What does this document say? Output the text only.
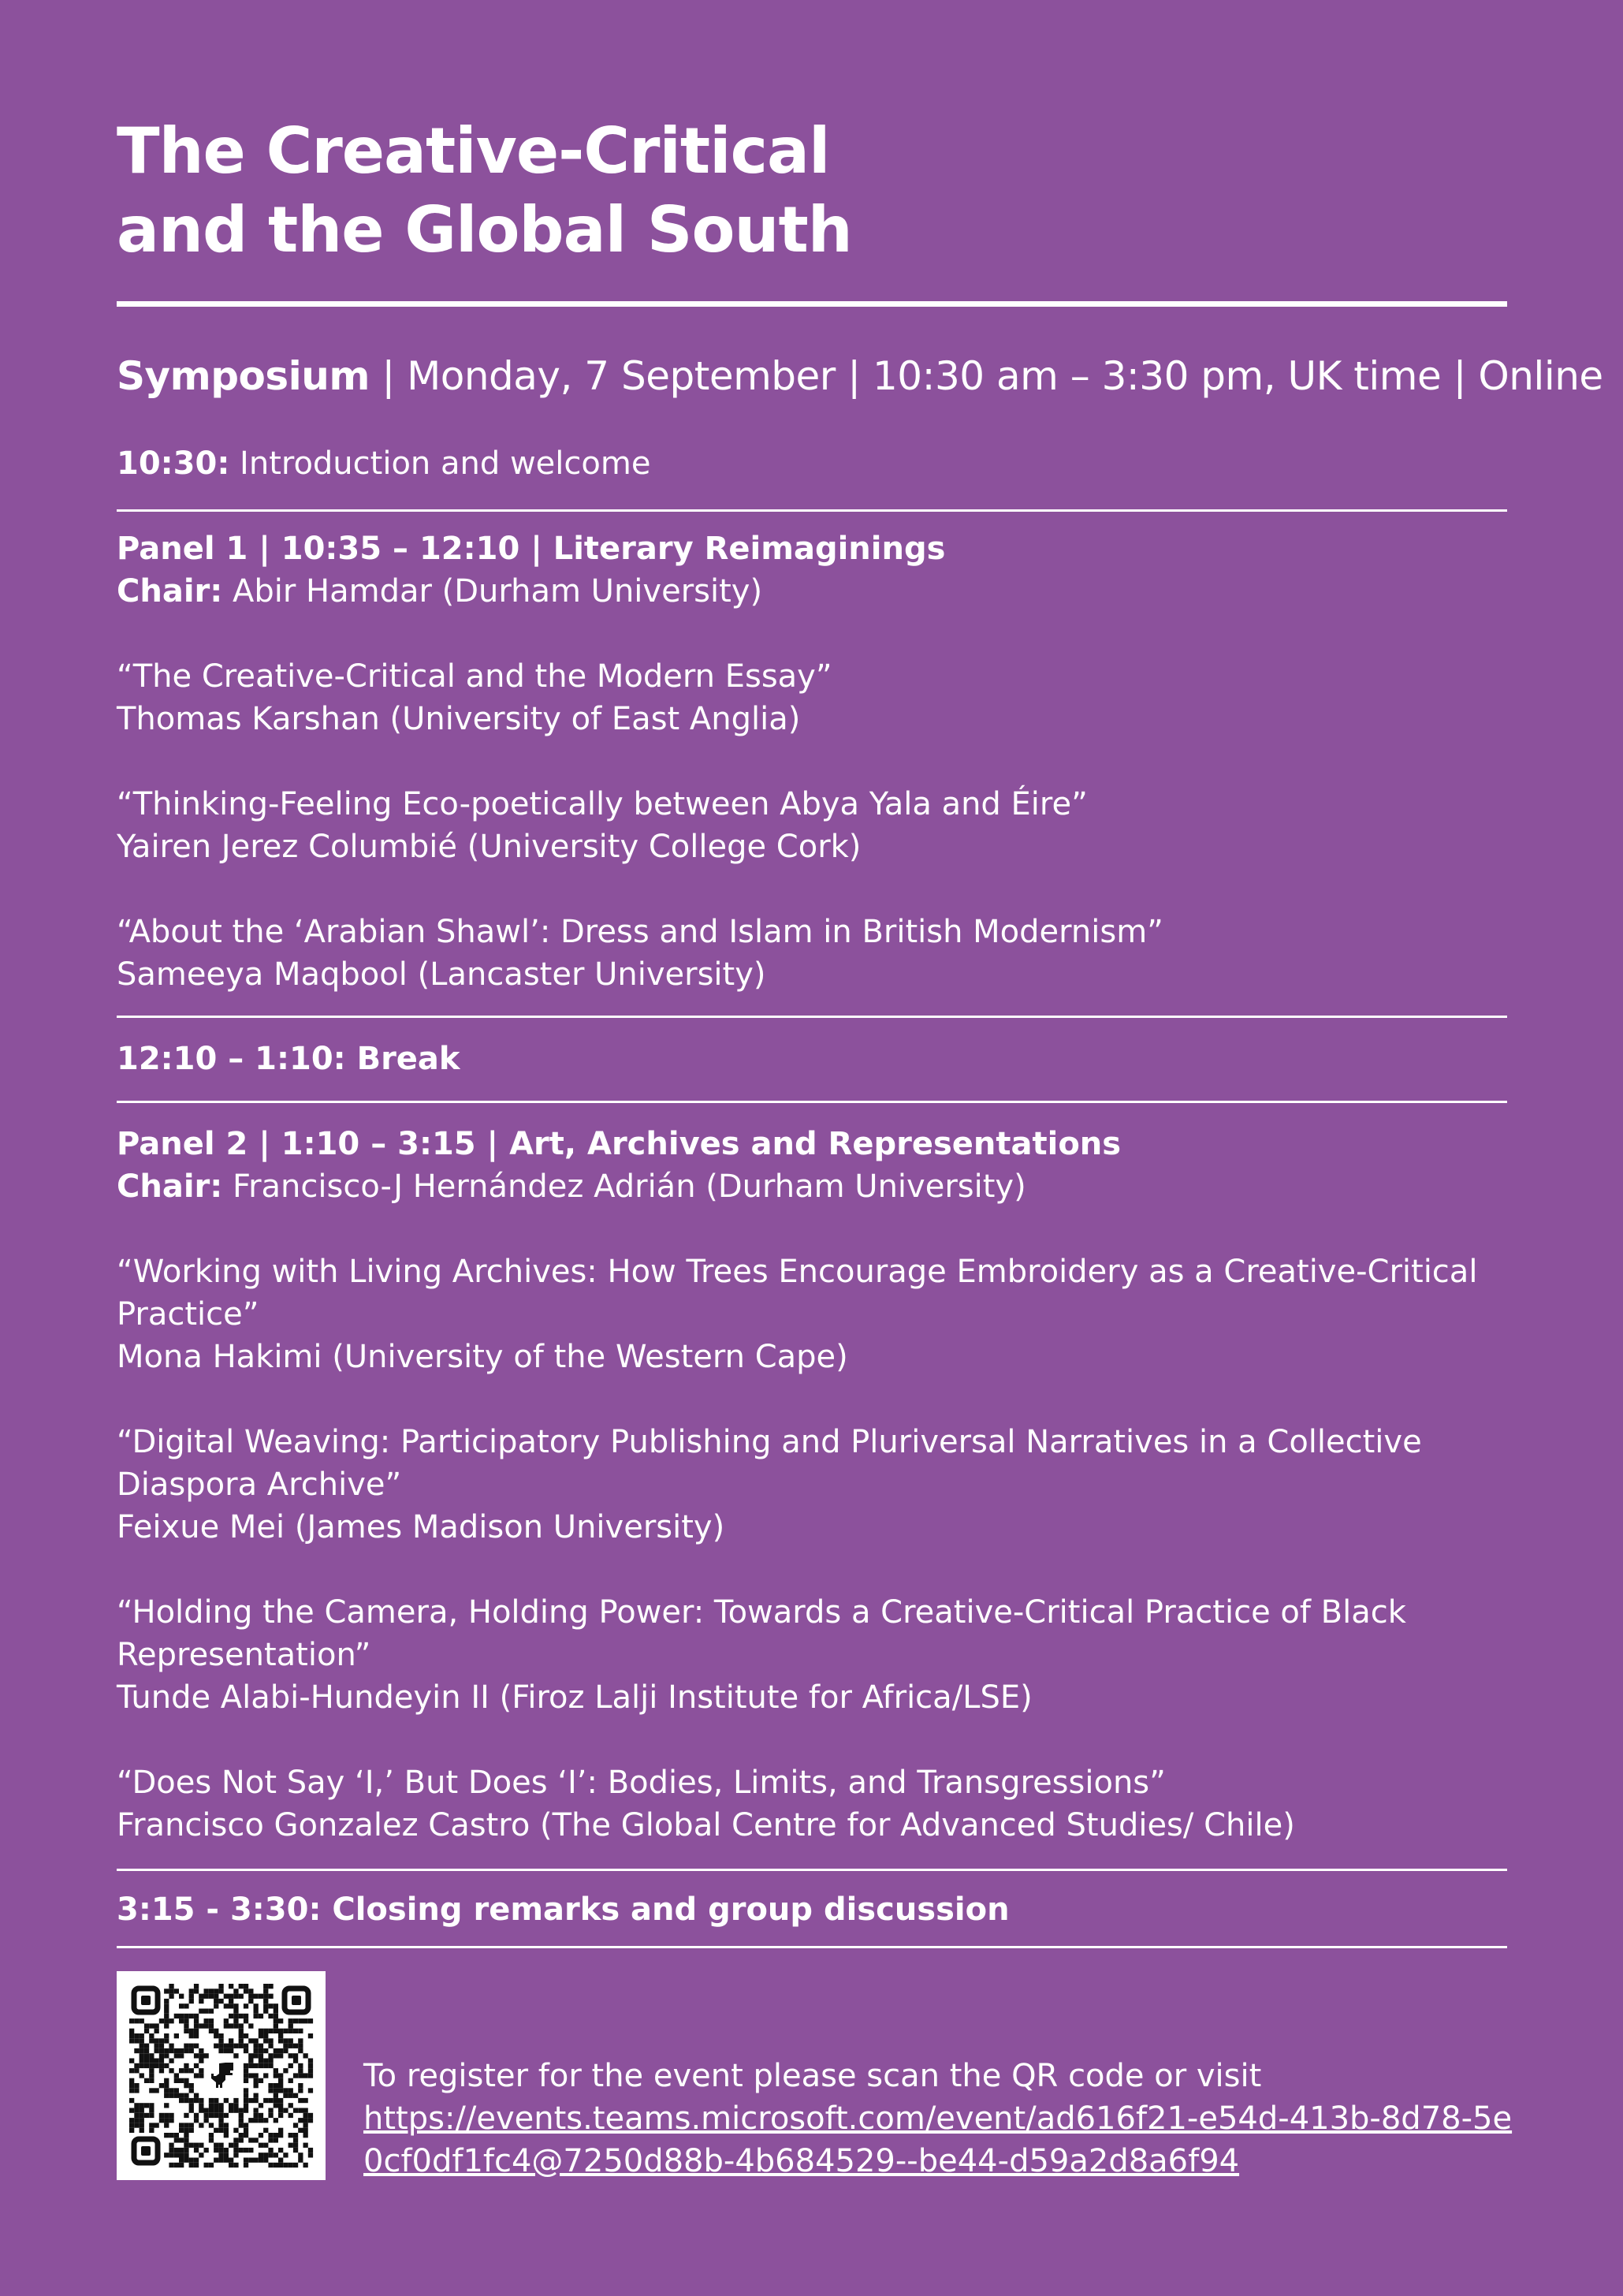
The Creative-Critical
and the Global South
Symposium | Monday, 7 September | 10:30 am – 3:30 pm, UK time | Online
10:30: Introduction and welcome
Panel 1 | 10:35 – 12:10 | Literary Reimaginings
Chair: Abir Hamdar (Durham University)
“The Creative-Critical and the Modern Essay”
Thomas Karshan (University of East Anglia)
“Thinking-Feeling Eco-poetically between Abya Yala and Éire”
Yairen Jerez Columbié (University College Cork)
“About the ‘Arabian Shawl’: Dress and Islam in British Modernism”
Sameeya Maqbool (Lancaster University)
12:10 – 1:10: Break
Panel 2 | 1:10 – 3:15 | Art, Archives and Representations
Chair: Francisco-J Hernández Adrián (Durham University)
“Working with Living Archives: How Trees Encourage Embroidery as a Creative-Critical Practice”
Mona Hakimi (University of the Western Cape)
“Digital Weaving: Participatory Publishing and Pluriversal Narratives in a Collective Diaspora Archive”
Feixue Mei (James Madison University)
“Holding the Camera, Holding Power: Towards a Creative-Critical Practice of Black Representation”
Tunde Alabi-Hundeyin II (Firoz Lalji Institute for Africa/LSE)
“Does Not Say ‘I,’ But Does ‘I’: Bodies, Limits, and Transgressions”
Francisco Gonzalez Castro (The Global Centre for Advanced Studies/ Chile)
3:15 - 3:30: Closing remarks and group discussion
To register for the event please scan the QR code or visit
https://events.teams.microsoft.com/event/ad616f21-e54d-413b-8d78-5e0cf0df1fc4@7250d88b-4b684529--be44-d59a2d8a6f94
